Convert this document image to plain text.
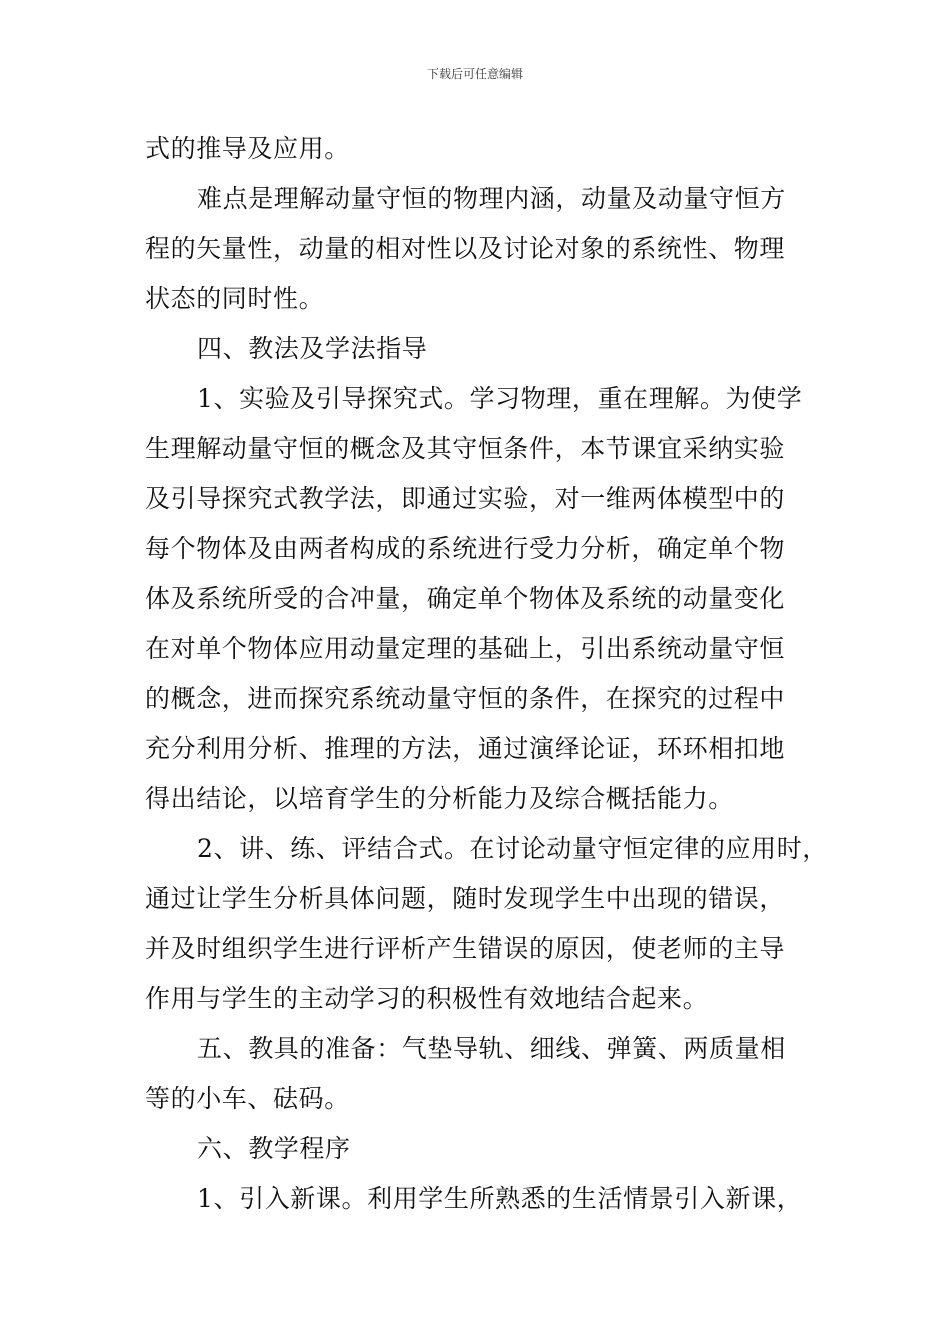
下载后可任意编辑
式的推导及应用。
难点是理解动量守恒的物理内涵，动量及动量守恒方
程的矢量性，动量的相对性以及讨论对象的系统性、物理
状态的同时性。
四、教法及学法指导
1、实验及引导探究式。学习物理，重在理解。为使学
生理解动量守恒的概念及其守恒条件，本节课宜采纳实验
及引导探究式教学法，即通过实验，对一维两体模型中的
每个物体及由两者构成的系统进行受力分析，确定单个物
体及系统所受的合冲量，确定单个物体及系统的动量变化
在对单个物体应用动量定理的基础上，引出系统动量守恒
的概念，进而探究系统动量守恒的条件，在探究的过程中
充分利用分析、推理的方法，通过演绎论证，环环相扣地
得出结论，以培育学生的分析能力及综合概括能力。
2、讲、练、评结合式。在讨论动量守恒定律的应用时，
通过让学生分析具体问题，随时发现学生中出现的错误，
并及时组织学生进行评析产生错误的原因，使老师的主导
作用与学生的主动学习的积极性有效地结合起来。
五、教具的准备：气垫导轨、细线、弹簧、两质量相
等的小车、砝码。
六、教学程序
1、引入新课。利用学生所熟悉的生活情景引入新课，
